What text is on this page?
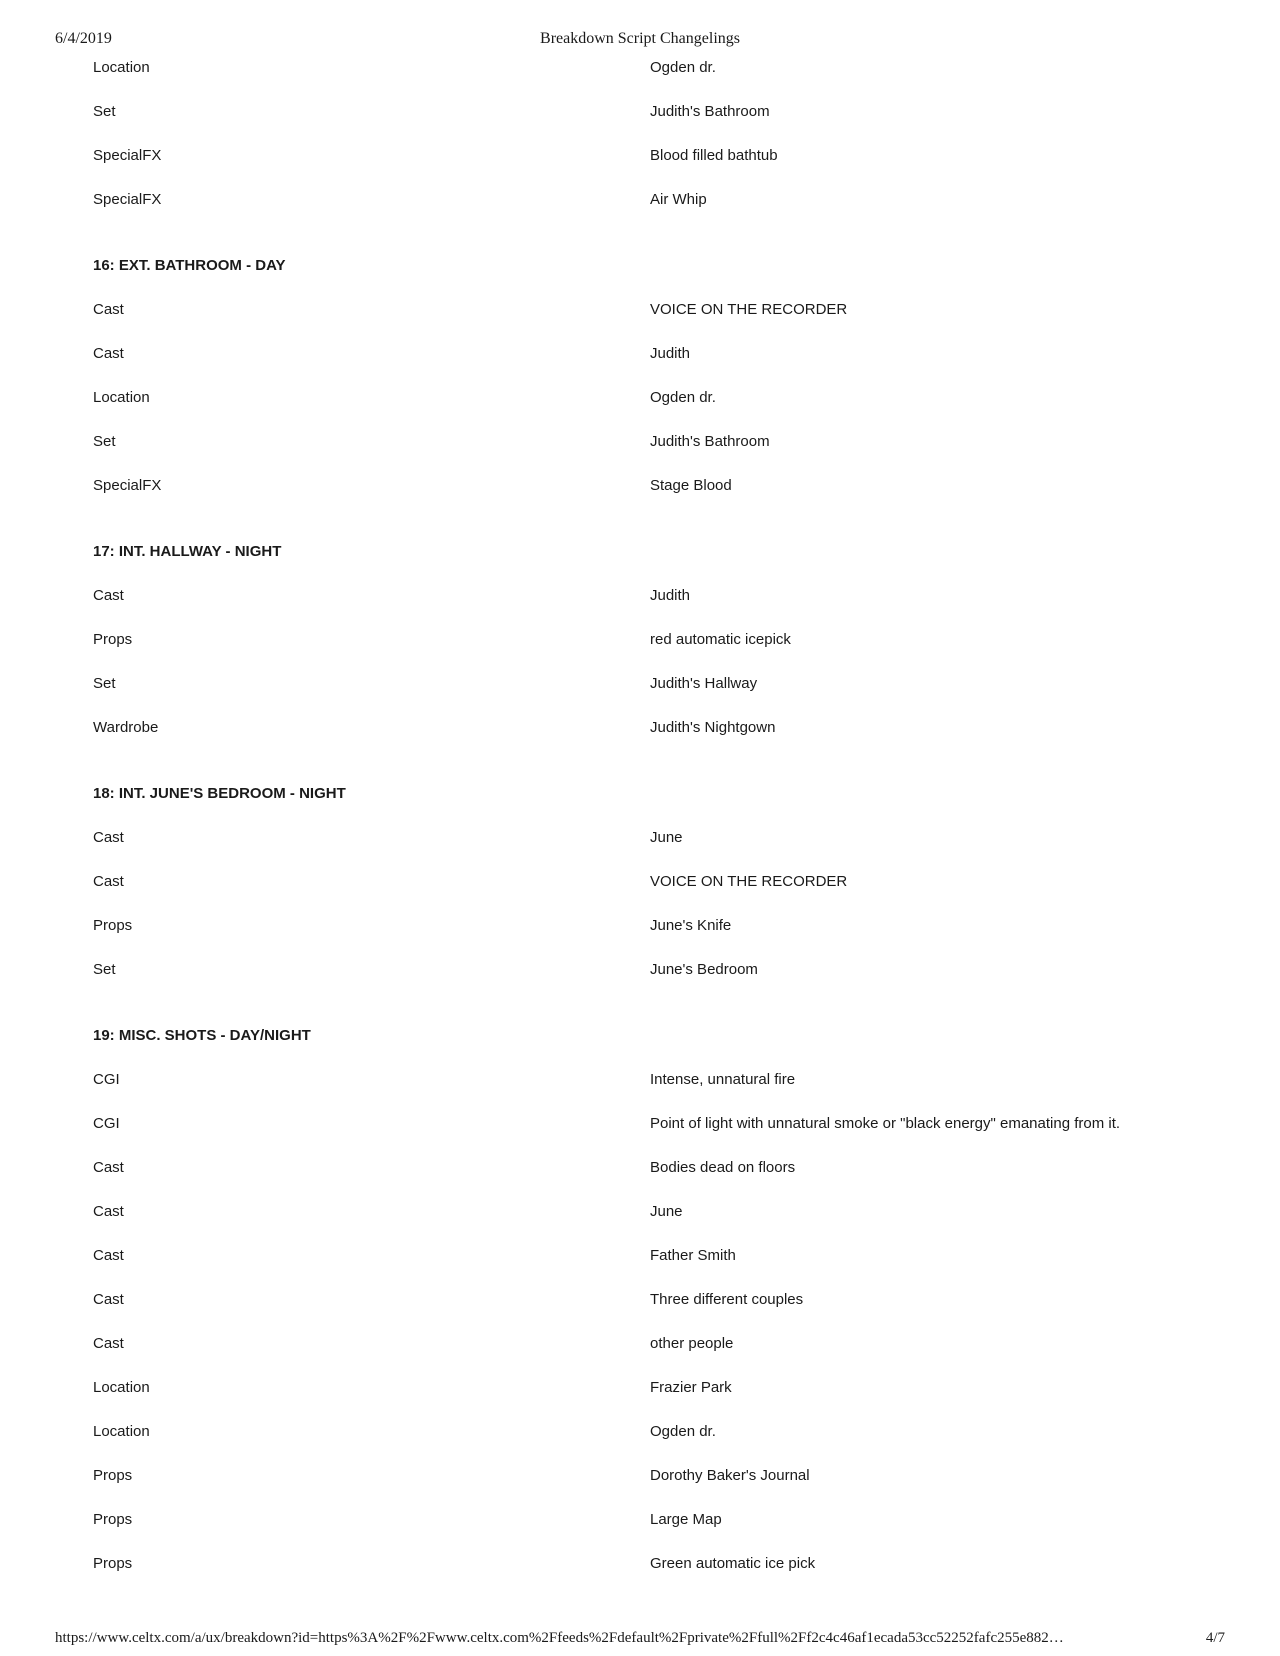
6/4/2019	Breakdown Script Changelings
Location	Ogden dr.
Set	Judith's Bathroom
SpecialFX	Blood filled bathtub
SpecialFX	Air Whip
16: EXT. BATHROOM - DAY
Cast	VOICE ON THE RECORDER
Cast	Judith
Location	Ogden dr.
Set	Judith's Bathroom
SpecialFX	Stage Blood
17: INT. HALLWAY - NIGHT
Cast	Judith
Props	red automatic icepick
Set	Judith's Hallway
Wardrobe	Judith's Nightgown
18: INT. JUNE'S BEDROOM - NIGHT
Cast	June
Cast	VOICE ON THE RECORDER
Props	June's Knife
Set	June's Bedroom
19: MISC. SHOTS - DAY/NIGHT
CGI	Intense, unnatural fire
CGI	Point of light with unnatural smoke or "black energy" emanating from it.
Cast	Bodies dead on floors
Cast	June
Cast	Father Smith
Cast	Three different couples
Cast	other people
Location	Frazier Park
Location	Ogden dr.
Props	Dorothy Baker's Journal
Props	Large Map
Props	Green automatic ice pick
https://www.celtx.com/a/ux/breakdown?id=https%3A%2F%2Fwww.celtx.com%2Ffeeds%2Fdefault%2Fprivate%2Ffull%2Ff2c4c46af1ecada53cc52252fafc255e882…	4/7
